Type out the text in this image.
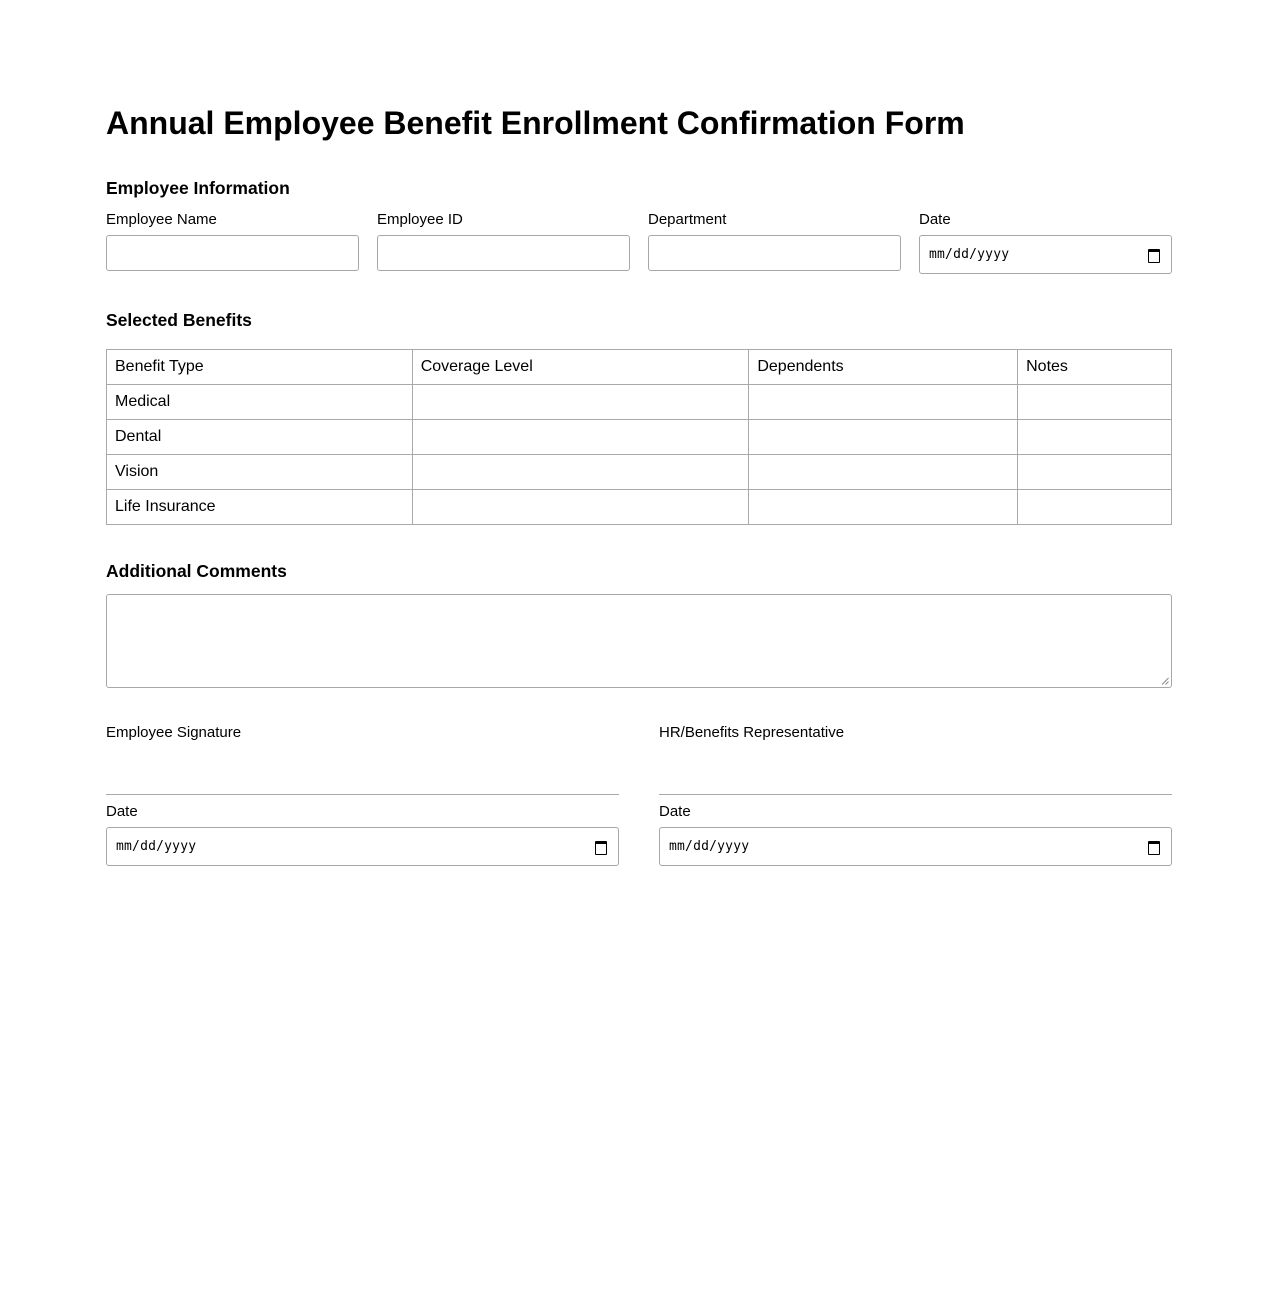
Annual Employee Benefit Enrollment Confirmation Form
Employee Information
Employee Name	Employee ID	Department	Date
mm/dd/yyyy
Selected Benefits
Benefit Type	Coverage Level	Dependents	Notes
Medical			
Dental			
Vision			
Life Insurance			
Additional Comments
Employee Signature
Date
mm/dd/yyyy
HR/Benefits Representative
Date
mm/dd/yyyy
